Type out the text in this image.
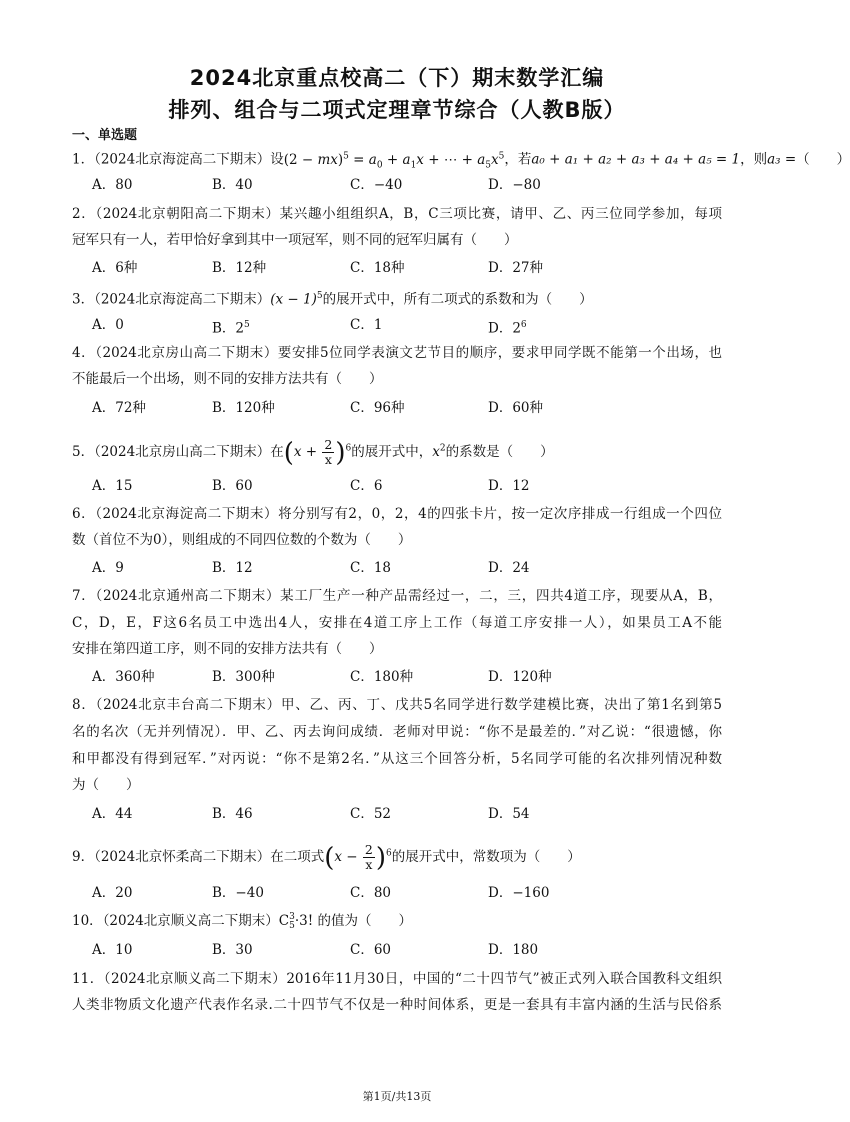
2024北京重点校高二（下）期末数学汇编
排列、组合与二项式定理章节综合（人教B版）
一、单选题
1．（2024北京海淀高二下期末）设$(2 - mx)^5 = a_0 + a_1x$ + ⋯ + $a_5x^5$，若a₀ + a₁ + a₂ + a₃ + a₄ + a₅ = 1，则a₃ =（　　）
A．80	B．40	C．−40	D．−80
2．（2024北京朝阳高二下期末）某兴趣小组组织A，B，C三项比赛，请甲、乙、丙三位同学参加，每项
冠军只有一人，若甲恰好拿到其中一项冠军，则不同的冠军归属有（　　）
A．6种	B．12种	C．18种	D．27种
3．（2024北京海淀高二下期末）$(x - 1)^5$的展开式中，所有二项式的系数和为（　　）
A．0	B．$2^5$	C．1	D．$2^6$
4．（2024北京房山高二下期末）要安排5位同学表演文艺节目的顺序，要求甲同学既不能第一个出场，也
不能最后一个出场，则不同的安排方法共有（　　）
A．72种	B．120种	C．96种	D．60种
5．（2024北京房山高二下期末）在$(x + \frac{2}{x} )^6$的展开式中，$x^2$的系数是（　　）
A．15	B．60	C．6	D．12
6．（2024北京海淀高二下期末）将分别写有2，0，2，4的四张卡片，按一定次序排成一行组成一个四位
数（首位不为0），则组成的不同四位数的个数为（　　）
A．9	B．12	C．18	D．24
7．（2024北京通州高二下期末）某工厂生产一种产品需经过一，二，三，四共4道工序，现要从A，B，
C，D，E，F这6名员工中选出4人，安排在4道工序上工作（每道工序安排一人），如果员工A不能
安排在第四道工序，则不同的安排方法共有（　　）
A．360种	B．300种	C．180种	D．120种
8．（2024北京丰台高二下期末）甲、乙、丙、丁、戊共5名同学进行数学建模比赛，决出了第1名到第5
名的名次（无并列情况）．甲、乙、丙去询问成绩．老师对甲说：“你不是最差的．”对乙说：“很遗憾，你
和甲都没有得到冠军．”对丙说：“你不是第2名．”从这三个回答分析，5名同学可能的名次排列情况种数
为（　　）
A．44	B．46	C．52	D．54
9．（2024北京怀柔高二下期末）在二项式$(x - \frac{2}{x} )^6$的展开式中，常数项为（　　）
A．20	B．−40	C．80	D．−160
10．（2024北京顺义高二下期末）C 3
5 ·3! 的值为（　　）
A．10	B．30	C．60	D．180
11．（2024北京顺义高二下期末）2016年11月30日，中国的“二十四节气”被正式列入联合国教科文组织
人类非物质文化遗产代表作名录.二十四节气不仅是一种时间体系，更是一套具有丰富内涵的生活与民俗系
第1页/共13页
